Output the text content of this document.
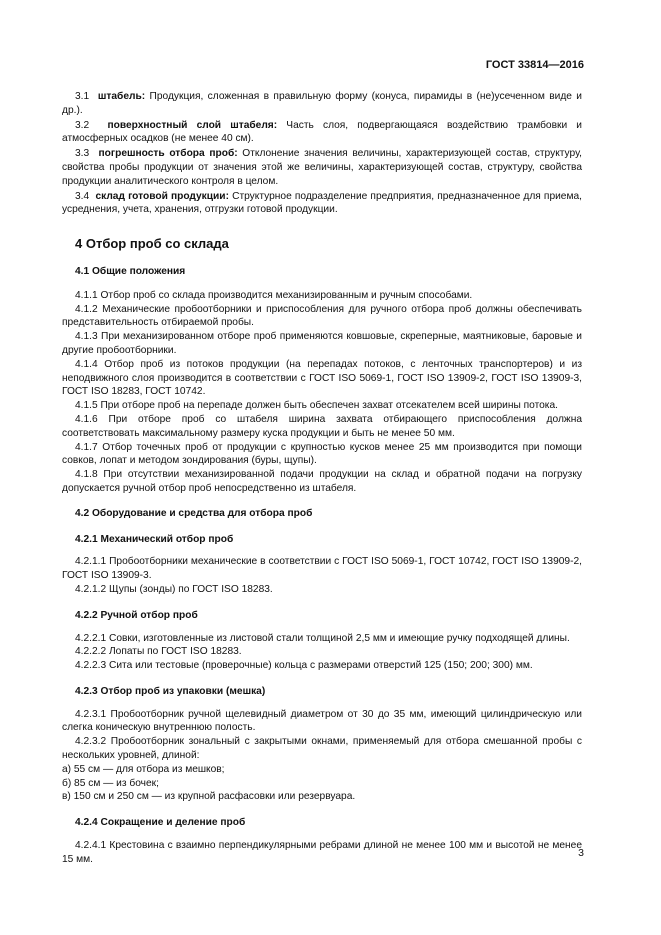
ГОСТ 33814—2016

3.1 штабель: Продукция, сложенная в правильную форму (конуса, пирамиды в (не)усеченном виде и др.).

3.2 поверхностный слой штабеля: Часть слоя, подвергающаяся воздействию трамбовки и атмосферных осадков (не менее 40 см).

3.3 погрешность отбора проб: Отклонение значения величины, характеризующей состав, структуру, свойства пробы продукции от значения этой же величины, характеризующей состав, структуру, свойства продукции аналитического контроля в целом.

3.4 склад готовой продукции: Структурное подразделение предприятия, предназначенное для приема, усреднения, учета, хранения, отгрузки готовой продукции.

4 Отбор проб со склада
4.1 Общие положения

4.1.1 Отбор проб со склада производится механизированным и ручным способами.

4.1.2 Механические пробоотборники и приспособления для ручного отбора проб должны обеспечивать представительность отбираемой пробы.

4.1.3 При механизированном отборе проб применяются ковшовые, скреперные, маятниковые, баровые и другие пробоотборники.

4.1.4 Отбор проб из потоков продукции (на перепадах потоков, с ленточных транспортеров) и из неподвижного слоя производится в соответствии с ГОСТ ISO 5069-1, ГОСТ ISO 13909-2, ГОСТ ISO 13909-3, ГОСТ ISO 18283, ГОСТ 10742.

4.1.5 При отборе проб на перепаде должен быть обеспечен захват отсекателем всей ширины потока.

4.1.6 При отборе проб со штабеля ширина захвата отбирающего приспособления должна соответствовать максимальному размеру куска продукции и быть не менее 50 мм.

4.1.7 Отбор точечных проб от продукции с крупностью кусков менее 25 мм производится при помощи совков, лопат и методом зондирования (буры, щупы).

4.1.8 При отсутствии механизированной подачи продукции на склад и обратной подачи на погрузку допускается ручной отбор проб непосредственно из штабеля.

4.2 Оборудование и средства для отбора проб
4.2.1 Механический отбор проб

4.2.1.1 Пробоотборники механические в соответствии с ГОСТ ISO 5069-1, ГОСТ 10742, ГОСТ ISO 13909-2, ГОСТ ISO 13909-3.

4.2.1.2 Щупы (зонды) по ГОСТ ISO 18283.

4.2.2 Ручной отбор проб

4.2.2.1 Совки, изготовленные из листовой стали толщиной 2,5 мм и имеющие ручку подходящей длины.

4.2.2.2 Лопаты по ГОСТ ISO 18283.

4.2.2.3 Сита или тестовые (проверочные) кольца с размерами отверстий 125 (150; 200; 300) мм.

4.2.3 Отбор проб из упаковки (мешка)

4.2.3.1 Пробоотборник ручной щелевидный диаметром от 30 до 35 мм, имеющий цилиндрическую или слегка коническую внутреннюю полость.

4.2.3.2 Пробоотборник зональный с закрытыми окнами, применяемый для отбора смешанной пробы с нескольких уровней, длиной:

а) 55 см — для отбора из мешков;

б) 85 см — из бочек;

в) 150 см и 250 см — из крупной расфасовки или резервуара.

4.2.4 Сокращение и деление проб

4.2.4.1 Крестовина с взаимно перпендикулярными ребрами длиной не менее 100 мм и высотой не менее 15 мм.

3
